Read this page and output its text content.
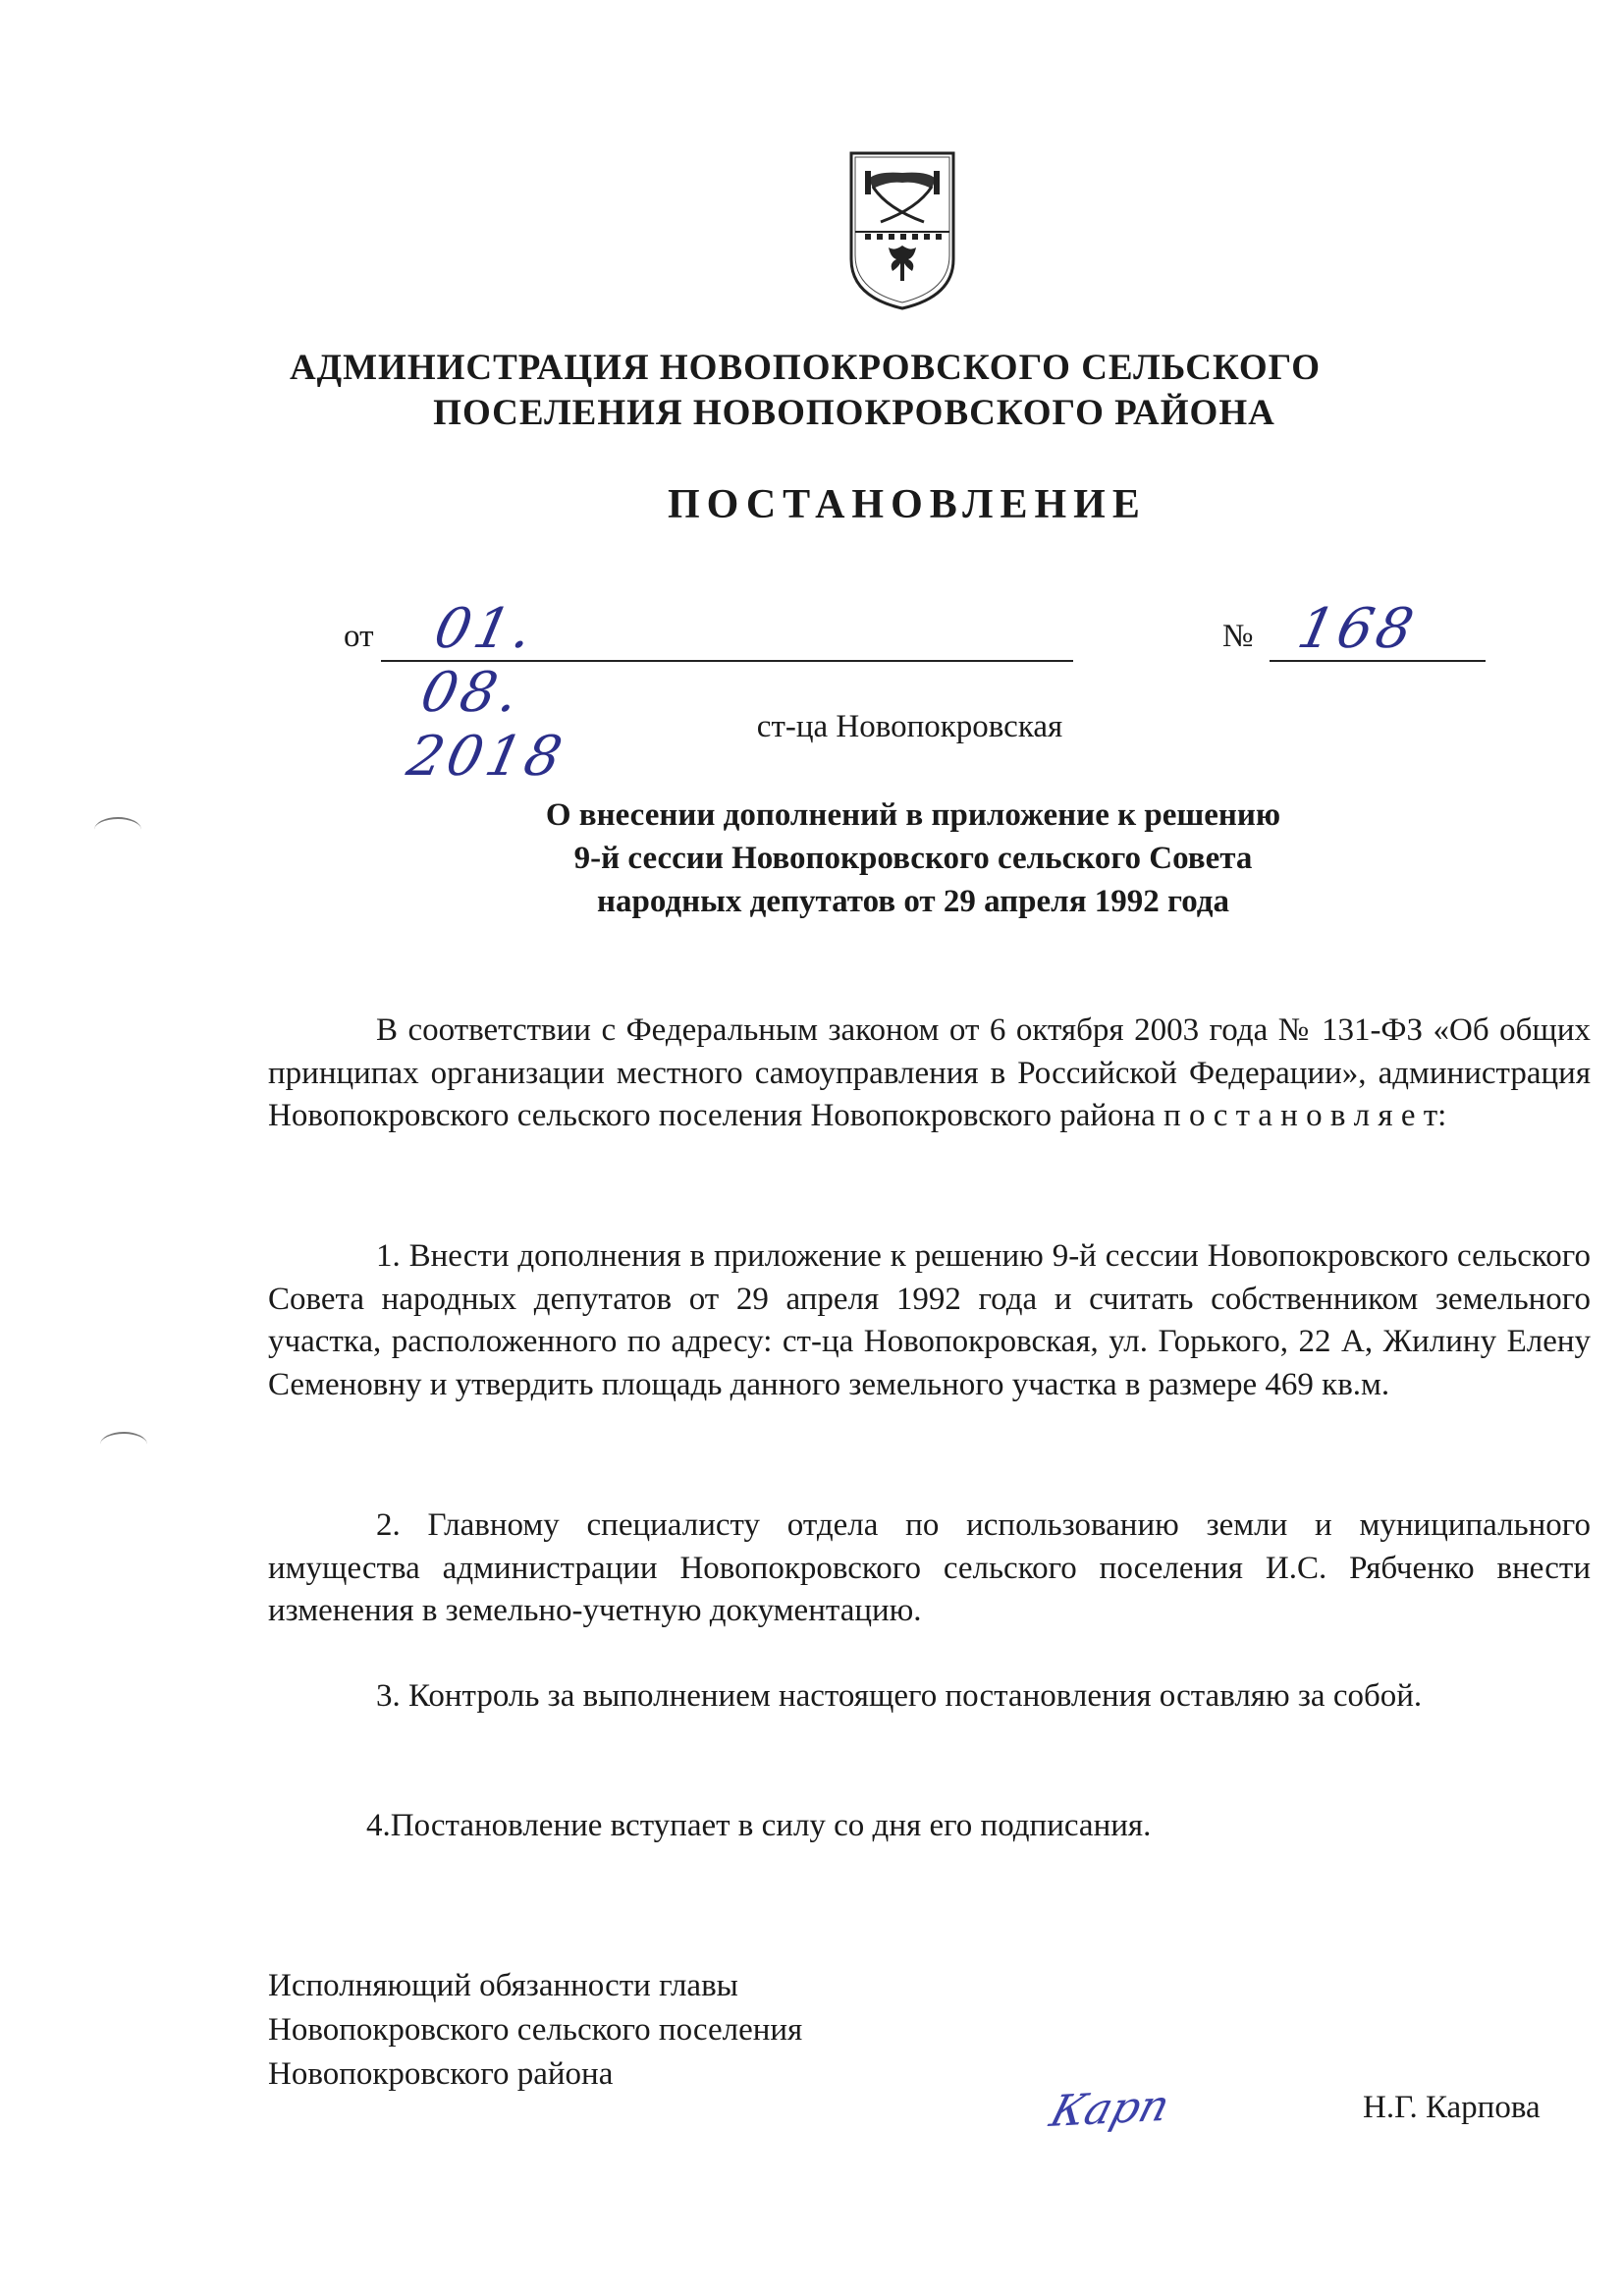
АДМИНИСТРАЦИЯ НОВОПОКРОВСКОГО СЕЛЬСКОГО
ПОСЕЛЕНИЯ НОВОПОКРОВСКОГО РАЙОНА
ПОСТАНОВЛЕНИЕ
от	01. 08. 2018
№ 168
ст-ца Новопокровская
О внесении дополнений в приложение к решению
9-й сессии Новопокровского сельского Совета
народных депутатов от 29 апреля 1992 года
В соответствии с Федеральным законом от 6 октября 2003 года № 131-ФЗ «Об общих принципах организации местного самоуправления в Российской Федерации», администрация Новопокровского сельского поселения Новопокровского района п о с т а н о в л я е т:
1. Внести дополнения в приложение к решению 9-й сессии Новопокровского сельского Совета народных депутатов от 29 апреля 1992 года и считать собственником земельного участка, расположенного по адресу: ст-ца Новопокровская, ул. Горького, 22 А, Жилину Елену Семеновну и утвердить площадь данного земельного участка в размере 469 кв.м.
2. Главному специалисту отдела по использованию земли и муниципального имущества администрации Новопокровского сельского поселения И.С. Рябченко внести изменения в земельно-учетную документацию.
3. Контроль за выполнением настоящего постановления оставляю за собой.
4.Постановление вступает в силу со дня его подписания.
Исполняющий обязанности главы
Новопокровского сельского поселения
Новопокровского района
Карп	Н.Г. Карпова
